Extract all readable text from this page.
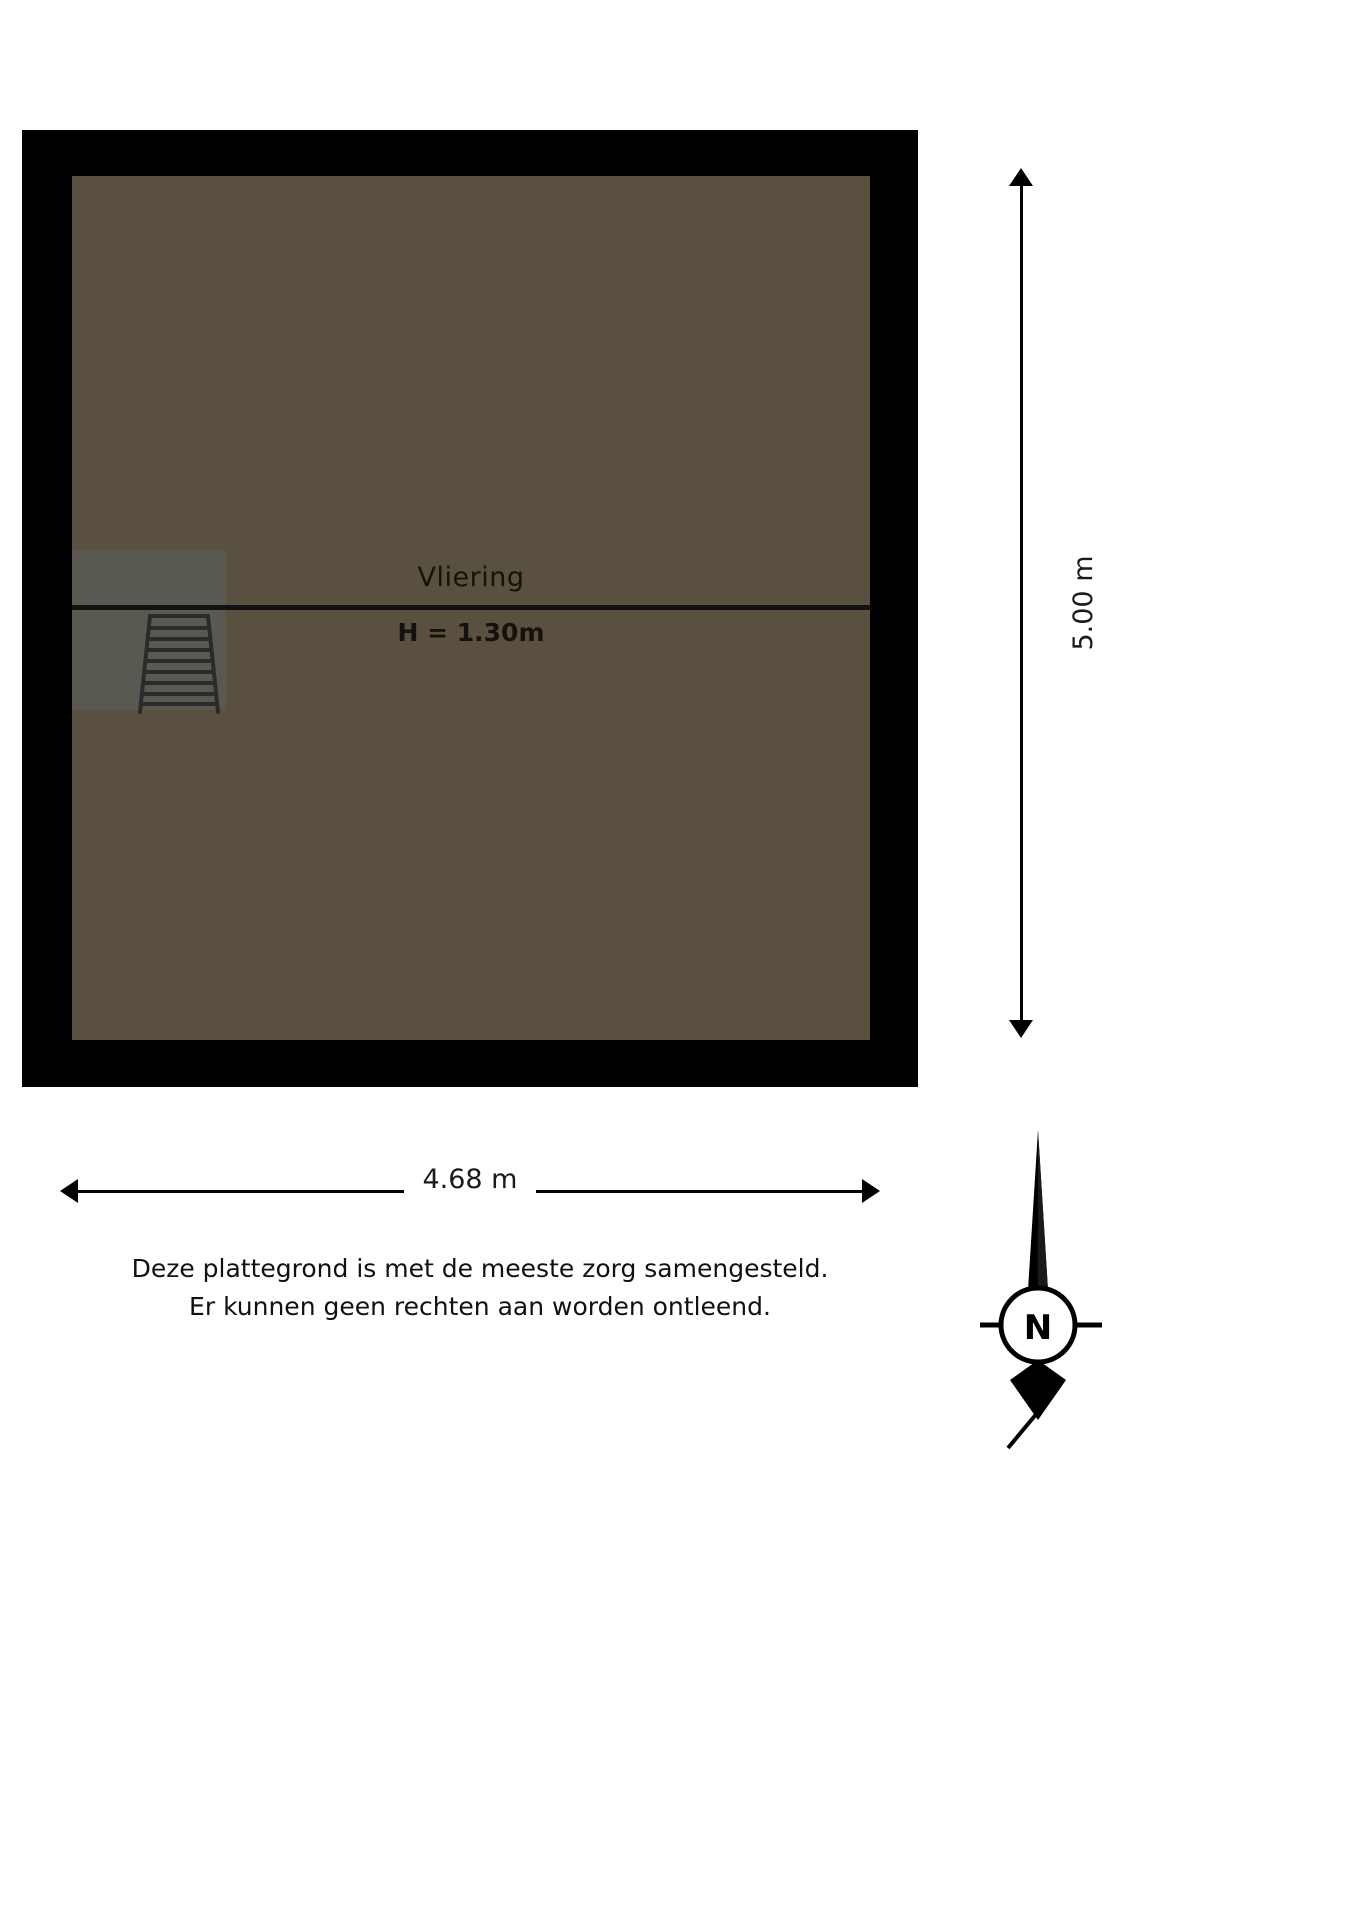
Vliering
H = 1.30m	5.00 m
4.68 m
Deze plattegrond is met de meeste zorg samengesteld.
Er kunnen geen rechten aan worden ontleend.
N
